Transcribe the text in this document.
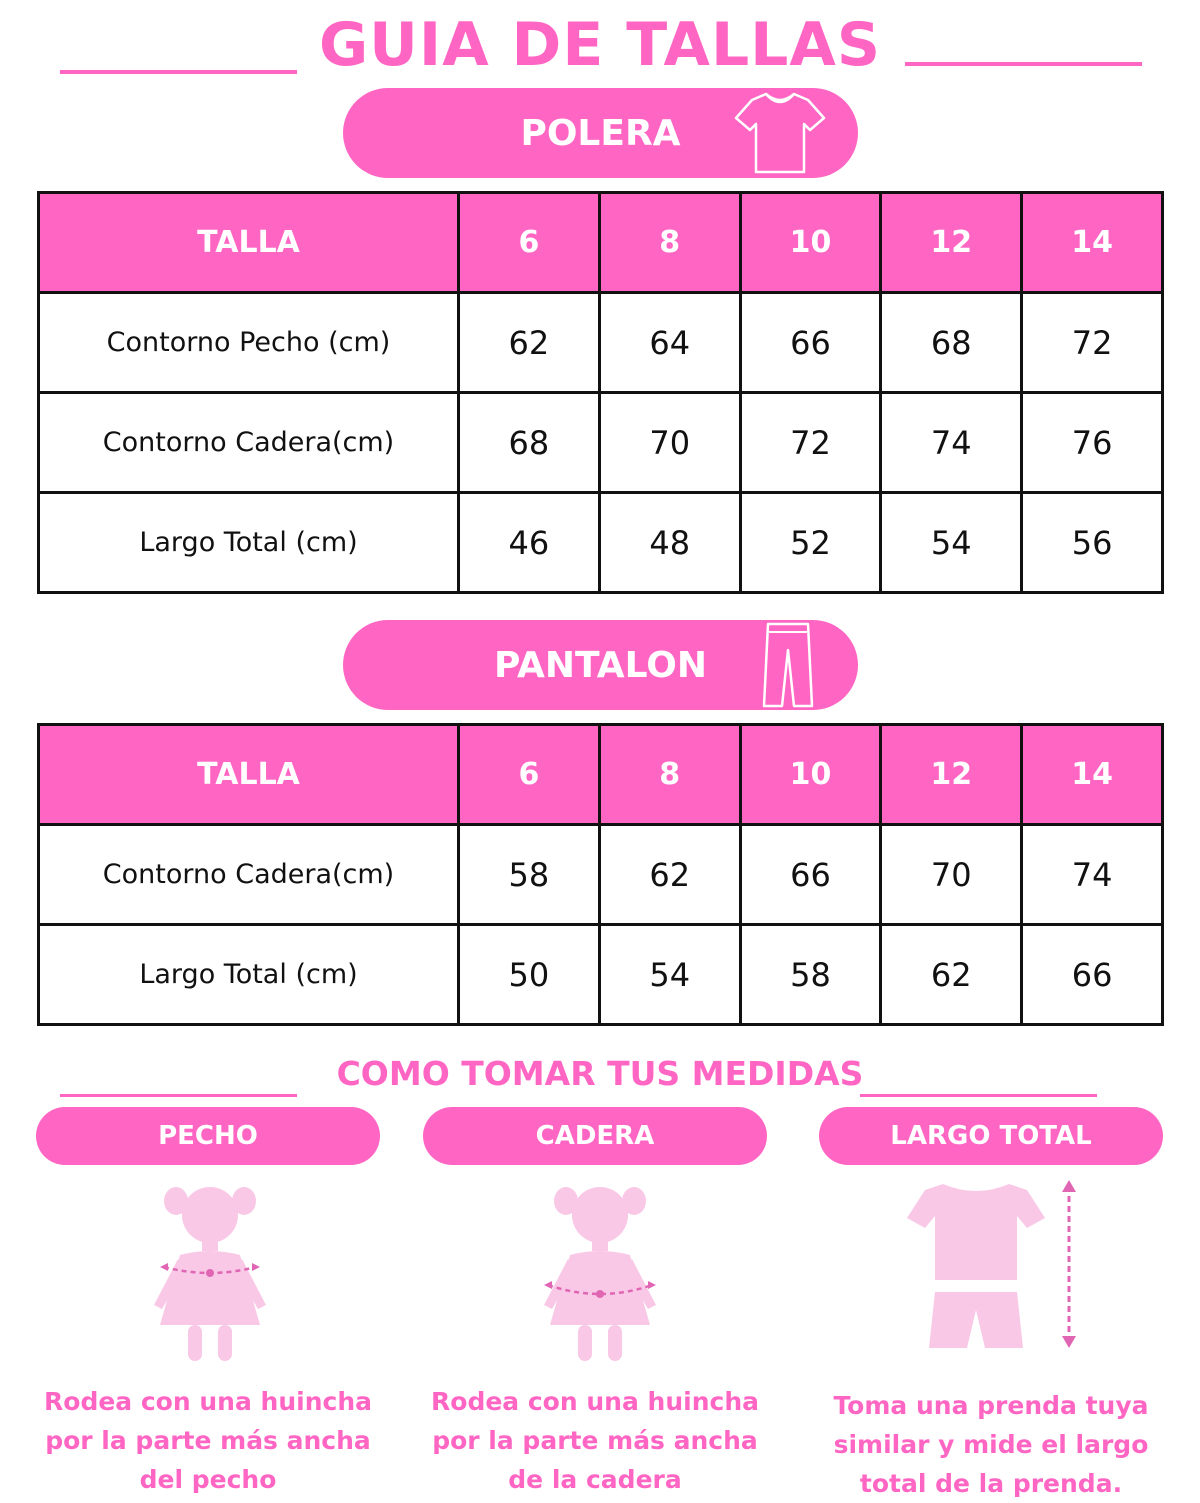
GUIA DE TALLAS
POLERA
TALLA	6	8	10	12	14
Contorno Pecho (cm)	62	64	66	68	72
Contorno Cadera(cm)	68	70	72	74	76
Largo Total (cm)	46	48	52	54	56
PANTALON
TALLA	6	8	10	12	14
Contorno Cadera(cm)	58	62	66	70	74
Largo Total (cm)	50	54	58	62	66
COMO TOMAR TUS MEDIDAS
PECHO	CADERA	LARGO TOTAL
Rodea con una huincha
por la parte más ancha
del pecho
Rodea con una huincha
por la parte más ancha
de la cadera
Toma una prenda tuya
similar y mide el largo
total de la prenda.
